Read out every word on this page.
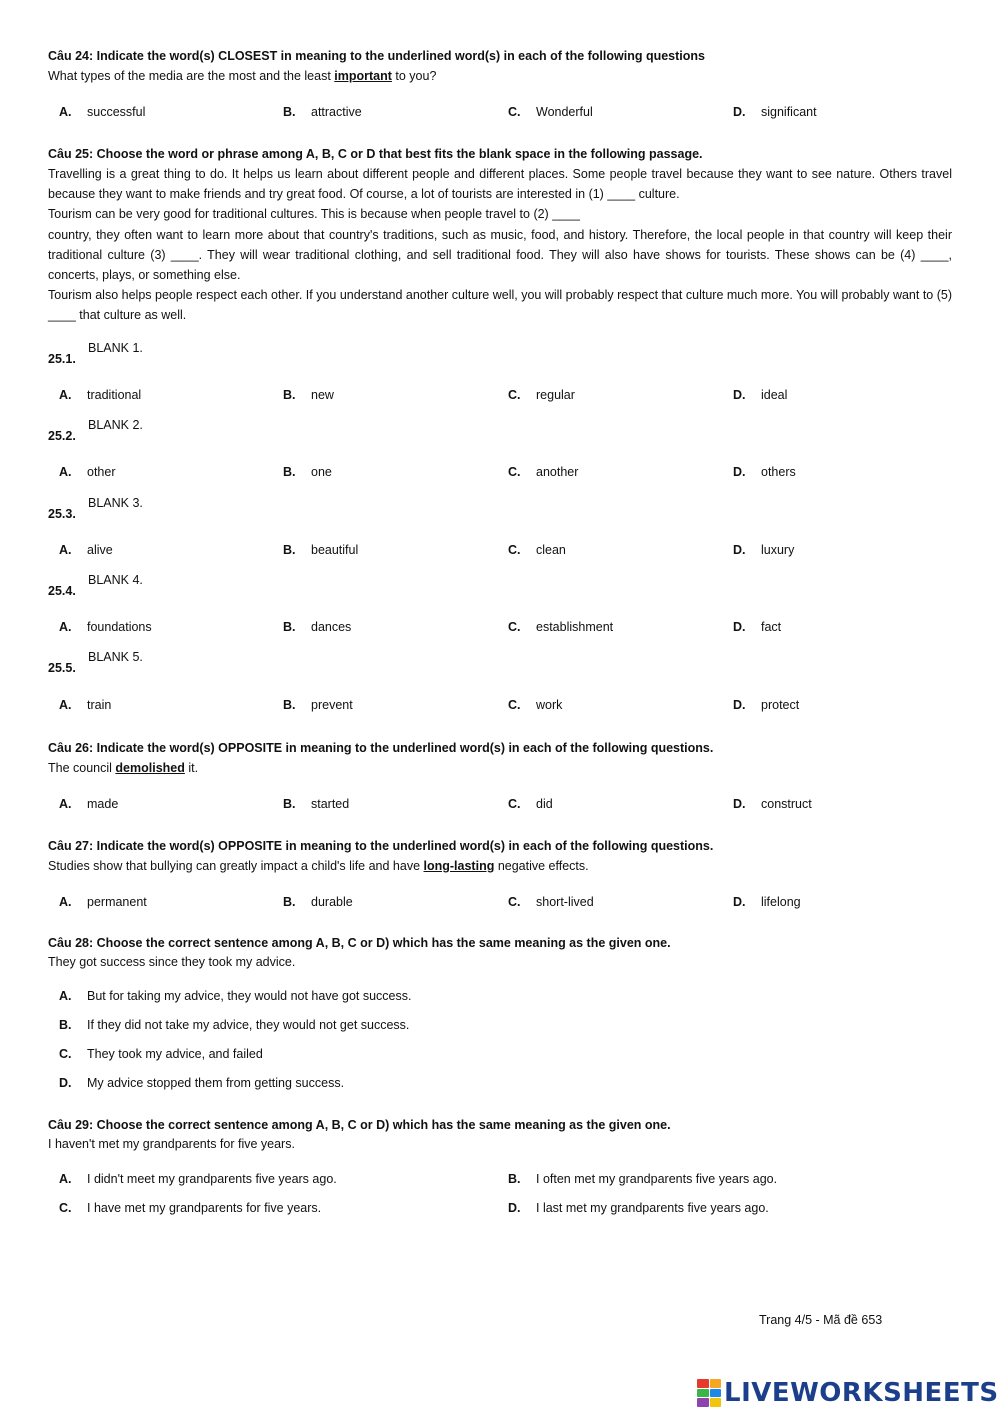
Câu 24: Indicate the word(s) CLOSEST in meaning to the underlined word(s) in each of the following questions
What types of the media are the most and the least important to you?
A. successful	B. attractive	C. Wonderful	D. significant
Câu 25: Choose the word or phrase among A, B, C or D that best fits the blank space in the following passage.

Travelling is a great thing to do. It helps us learn about different people and different places. Some people travel because they want to see nature. Others travel because they want to make friends and try great food. Of course, a lot of tourists are interested in (1) ____ culture.

Tourism can be very good for traditional cultures. This is because when people travel to (2) ____

country, they often want to learn more about that country's traditions, such as music, food, and history. Therefore, the local people in that country will keep their traditional culture (3) ____. They will wear traditional clothing, and sell traditional food. They will also have shows for tourists. These shows can be (4) ____, concerts, plays, or something else.

Tourism also helps people respect each other. If you understand another culture well, you will probably respect that culture much more. You will probably want to (5) ____ that culture as well.

BLANK 1.
25.1.
A. traditional	B. new	C. regular	D. ideal
BLANK 2.
25.2.
A. other	B. one	C. another	D. others
BLANK 3.
25.3.
A. alive	B. beautiful	C. clean	D. luxury
BLANK 4.
25.4.
A. foundations	B. dances	C. establishment	D. fact
BLANK 5.
25.5.
A. train	B. prevent	C. work	D. protect
Câu 26: Indicate the word(s) OPPOSITE in meaning to the underlined word(s) in each of the following questions.
The council demolished it.
A. made	B. started	C. did	D. construct
Câu 27: Indicate the word(s) OPPOSITE in meaning to the underlined word(s) in each of the following questions.
Studies show that bullying can greatly impact a child's life and have long-lasting negative effects.
A. permanent	B. durable	C. short-lived	D. lifelong
Câu 28: Choose the correct sentence among A, B, C or D) which has the same meaning as the given one.
They got success since they took my advice.
A. But for taking my advice, they would not have got success.
B. If they did not take my advice, they would not get success.
C. They took my advice, and failed
D. My advice stopped them from getting success.
Câu 29: Choose the correct sentence among A, B, C or D) which has the same meaning as the given one.
I haven't met my grandparents for five years.
A. I didn't meet my grandparents five years ago.	B. I often met my grandparents five years ago.
C. I have met my grandparents for five years.	D. I last met my grandparents five years ago.
Trang 4/5 - Mã đề 653
LIVEWORKSHEETS
